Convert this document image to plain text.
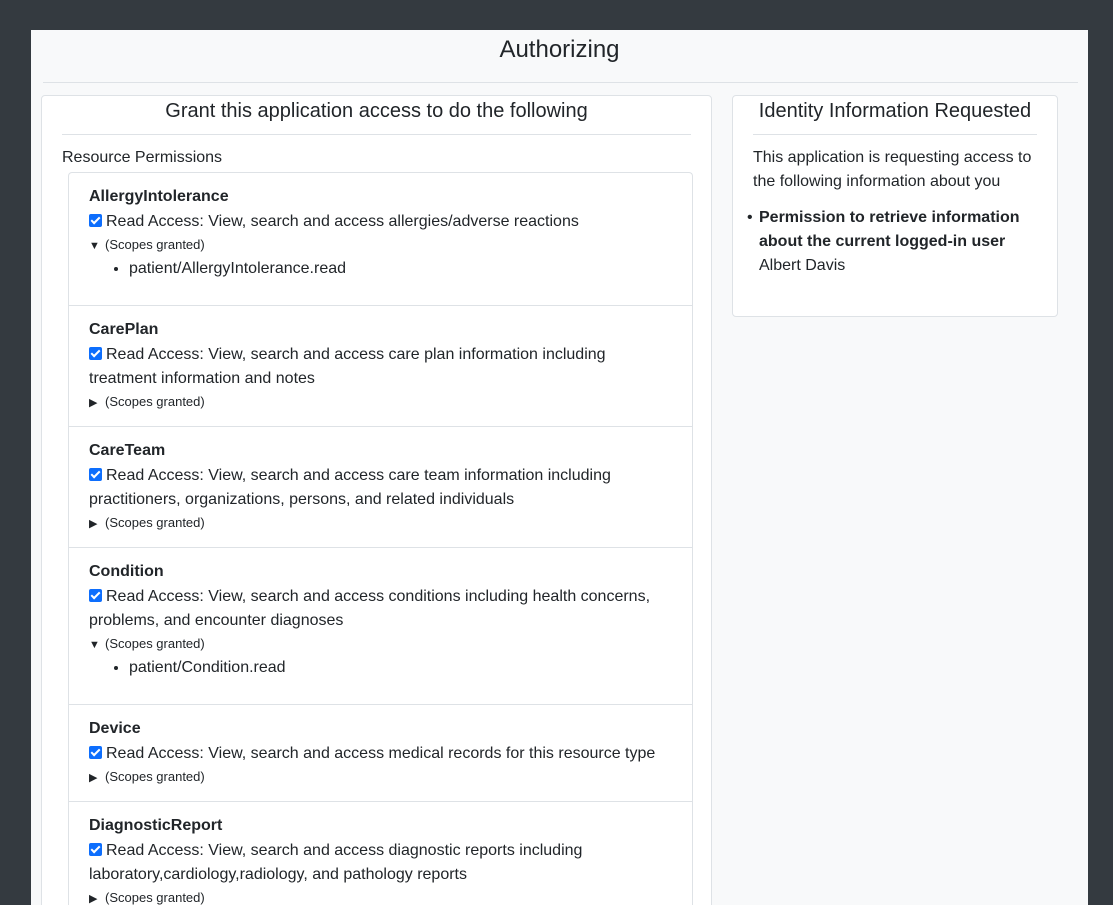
Authorizing
Grant this application access to do the following
Resource Permissions
AllergyIntolerance
Read Access: View, search and access allergies/adverse reactions
▼ (Scopes granted)
• patient/AllergyIntolerance.read
CarePlan
Read Access: View, search and access care plan information including treatment information and notes
▶ (Scopes granted)
CareTeam
Read Access: View, search and access care team information including practitioners, organizations, persons, and related individuals
▶ (Scopes granted)
Condition
Read Access: View, search and access conditions including health concerns, problems, and encounter diagnoses
▼ (Scopes granted)
• patient/Condition.read
Device
Read Access: View, search and access medical records for this resource type
▶ (Scopes granted)
DiagnosticReport
Read Access: View, search and access diagnostic reports including laboratory,cardiology,radiology, and pathology reports
▶ (Scopes granted)
Identity Information Requested
This application is requesting access to the following information about you
• Permission to retrieve information about the current logged-in user
Albert Davis
